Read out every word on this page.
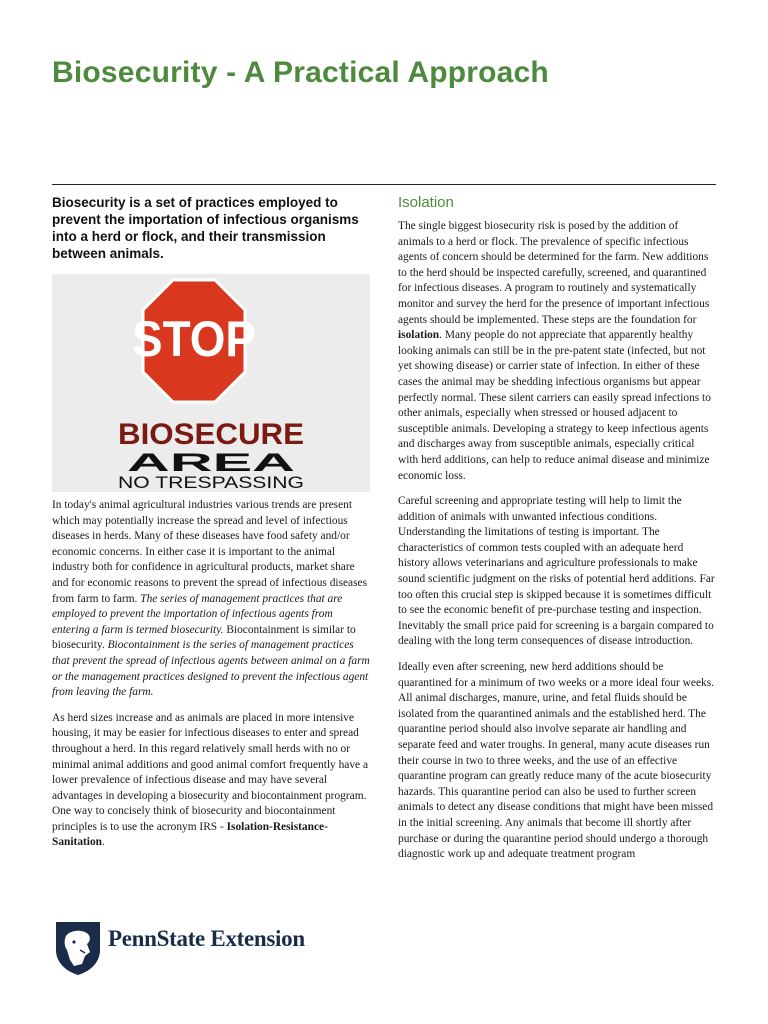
Biosecurity - A Practical Approach

Biosecurity is a set of practices employed to prevent the importation of infectious organisms into a herd or flock, and their transmission between animals.

STOP
BIOSECURE
AREA
NO TRESPASSING

In today's animal agricultural industries various trends are present which may potentially increase the spread and level of infectious diseases in herds. Many of these diseases have food safety and/or economic concerns. In either case it is important to the animal industry both for confidence in agricultural products, market share and for economic reasons to prevent the spread of infectious diseases from farm to farm. The series of management practices that are employed to prevent the importation of infectious agents from entering a farm is termed biosecurity. Biocontainment is similar to biosecurity. Biocontainment is the series of management practices that prevent the spread of infectious agents between animal on a farm or the management practices designed to prevent the infectious agent from leaving the farm.

As herd sizes increase and as animals are placed in more intensive housing, it may be easier for infectious diseases to enter and spread throughout a herd. In this regard relatively small herds with no or minimal animal additions and good animal comfort frequently have a lower prevalence of infectious disease and may have several advantages in developing a biosecurity and biocontainment program. One way to concisely think of biosecurity and biocontainment principles is to use the acronym IRS - Isolation-Resistance-Sanitation.

Isolation

The single biggest biosecurity risk is posed by the addition of animals to a herd or flock. The prevalence of specific infectious agents of concern should be determined for the farm. New additions to the herd should be inspected carefully, screened, and quarantined for infectious diseases. A program to routinely and systematically monitor and survey the herd for the presence of important infectious agents should be implemented. These steps are the foundation for isolation. Many people do not appreciate that apparently healthy looking animals can still be in the pre-patent state (infected, but not yet showing disease) or carrier state of infection. In either of these cases the animal may be shedding infectious organisms but appear perfectly normal. These silent carriers can easily spread infections to other animals, especially when stressed or housed adjacent to susceptible animals. Developing a strategy to keep infectious agents and discharges away from susceptible animals, especially critical with herd additions, can help to reduce animal disease and minimize economic loss.

Careful screening and appropriate testing will help to limit the addition of animals with unwanted infectious conditions. Understanding the limitations of testing is important. The characteristics of common tests coupled with an adequate herd history allows veterinarians and agriculture professionals to make sound scientific judgment on the risks of potential herd additions. Far too often this crucial step is skipped because it is sometimes difficult to see the economic benefit of pre-purchase testing and inspection. Inevitably the small price paid for screening is a bargain compared to dealing with the long term consequences of disease introduction.

Ideally even after screening, new herd additions should be quarantined for a minimum of two weeks or a more ideal four weeks. All animal discharges, manure, urine, and fetal fluids should be isolated from the quarantined animals and the established herd. The quarantine period should also involve separate air handling and separate feed and water troughs. In general, many acute diseases run their course in two to three weeks, and the use of an effective quarantine program can greatly reduce many of the acute biosecurity hazards. This quarantine period can also be used to further screen animals to detect any disease conditions that might have been missed in the initial screening. Any animals that become ill shortly after purchase or during the quarantine period should undergo a thorough diagnostic work up and adequate treatment program

PennState Extension
